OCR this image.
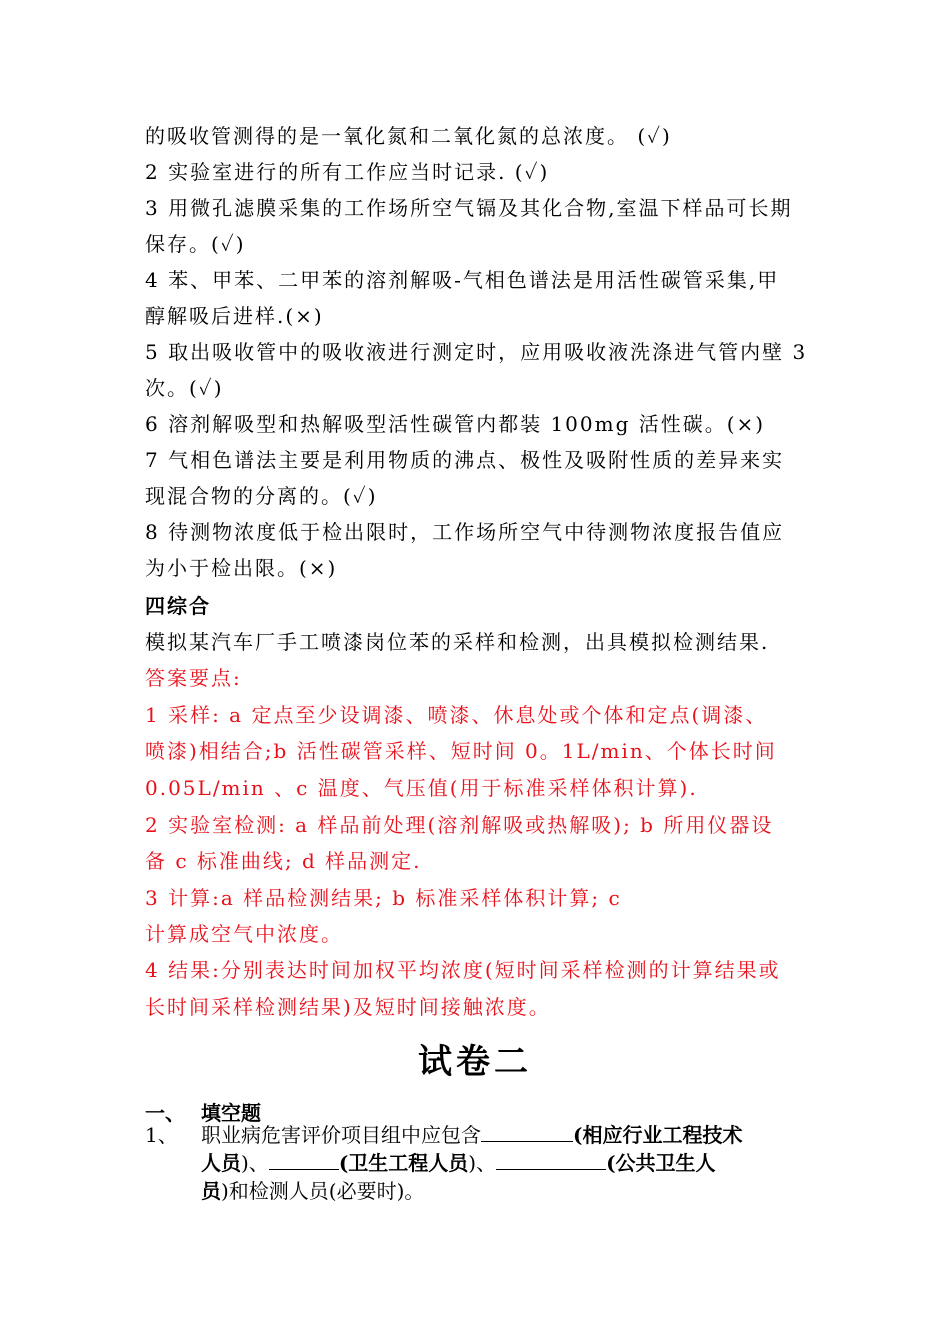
的吸收管测得的是一氧化氮和二氧化氮的总浓度。 (✓)
2 实验室进行的所有工作应当时记录. (✓)
3 用微孔滤膜采集的工作场所空气镉及其化合物,室温下样品可长期
保存。(✓)
4 苯、甲苯、二甲苯的溶剂解吸-气相色谱法是用活性碳管采集,甲
醇解吸后进样.(×)
5 取出吸收管中的吸收液进行测定时，应用吸收液洗涤进气管内壁 3
次。(✓)
6 溶剂解吸型和热解吸型活性碳管内都装 100mg 活性碳。(×)
7 气相色谱法主要是利用物质的沸点、极性及吸附性质的差异来实
现混合物的分离的。(✓)
8 待测物浓度低于检出限时，工作场所空气中待测物浓度报告值应
为小于检出限。(×)
四综合
模拟某汽车厂手工喷漆岗位苯的采样和检测，出具模拟检测结果.
答案要点:
1 采样: a 定点至少设调漆、喷漆、休息处或个体和定点(调漆、
喷漆)相结合;b 活性碳管采样、短时间 0。1L/min、个体长时间
0.05L/min 、c 温度、气压值(用于标准采样体积计算).
2 实验室检测: a 样品前处理(溶剂解吸或热解吸); b 所用仪器设
备 c 标准曲线; d 样品测定.
3 计算:a 样品检测结果; b 标准采样体积计算; c
计算成空气中浓度。
4 结果:分别表达时间加权平均浓度(短时间采样检测的计算结果或
长时间采样检测结果)及短时间接触浓度。
试卷二
一、 填空题
1、 职业病危害评价项目组中应包含	(相应行业工程技术
人员)、	(卫生工程人员)、	(公共卫生人
员)和检测人员(必要时)。
